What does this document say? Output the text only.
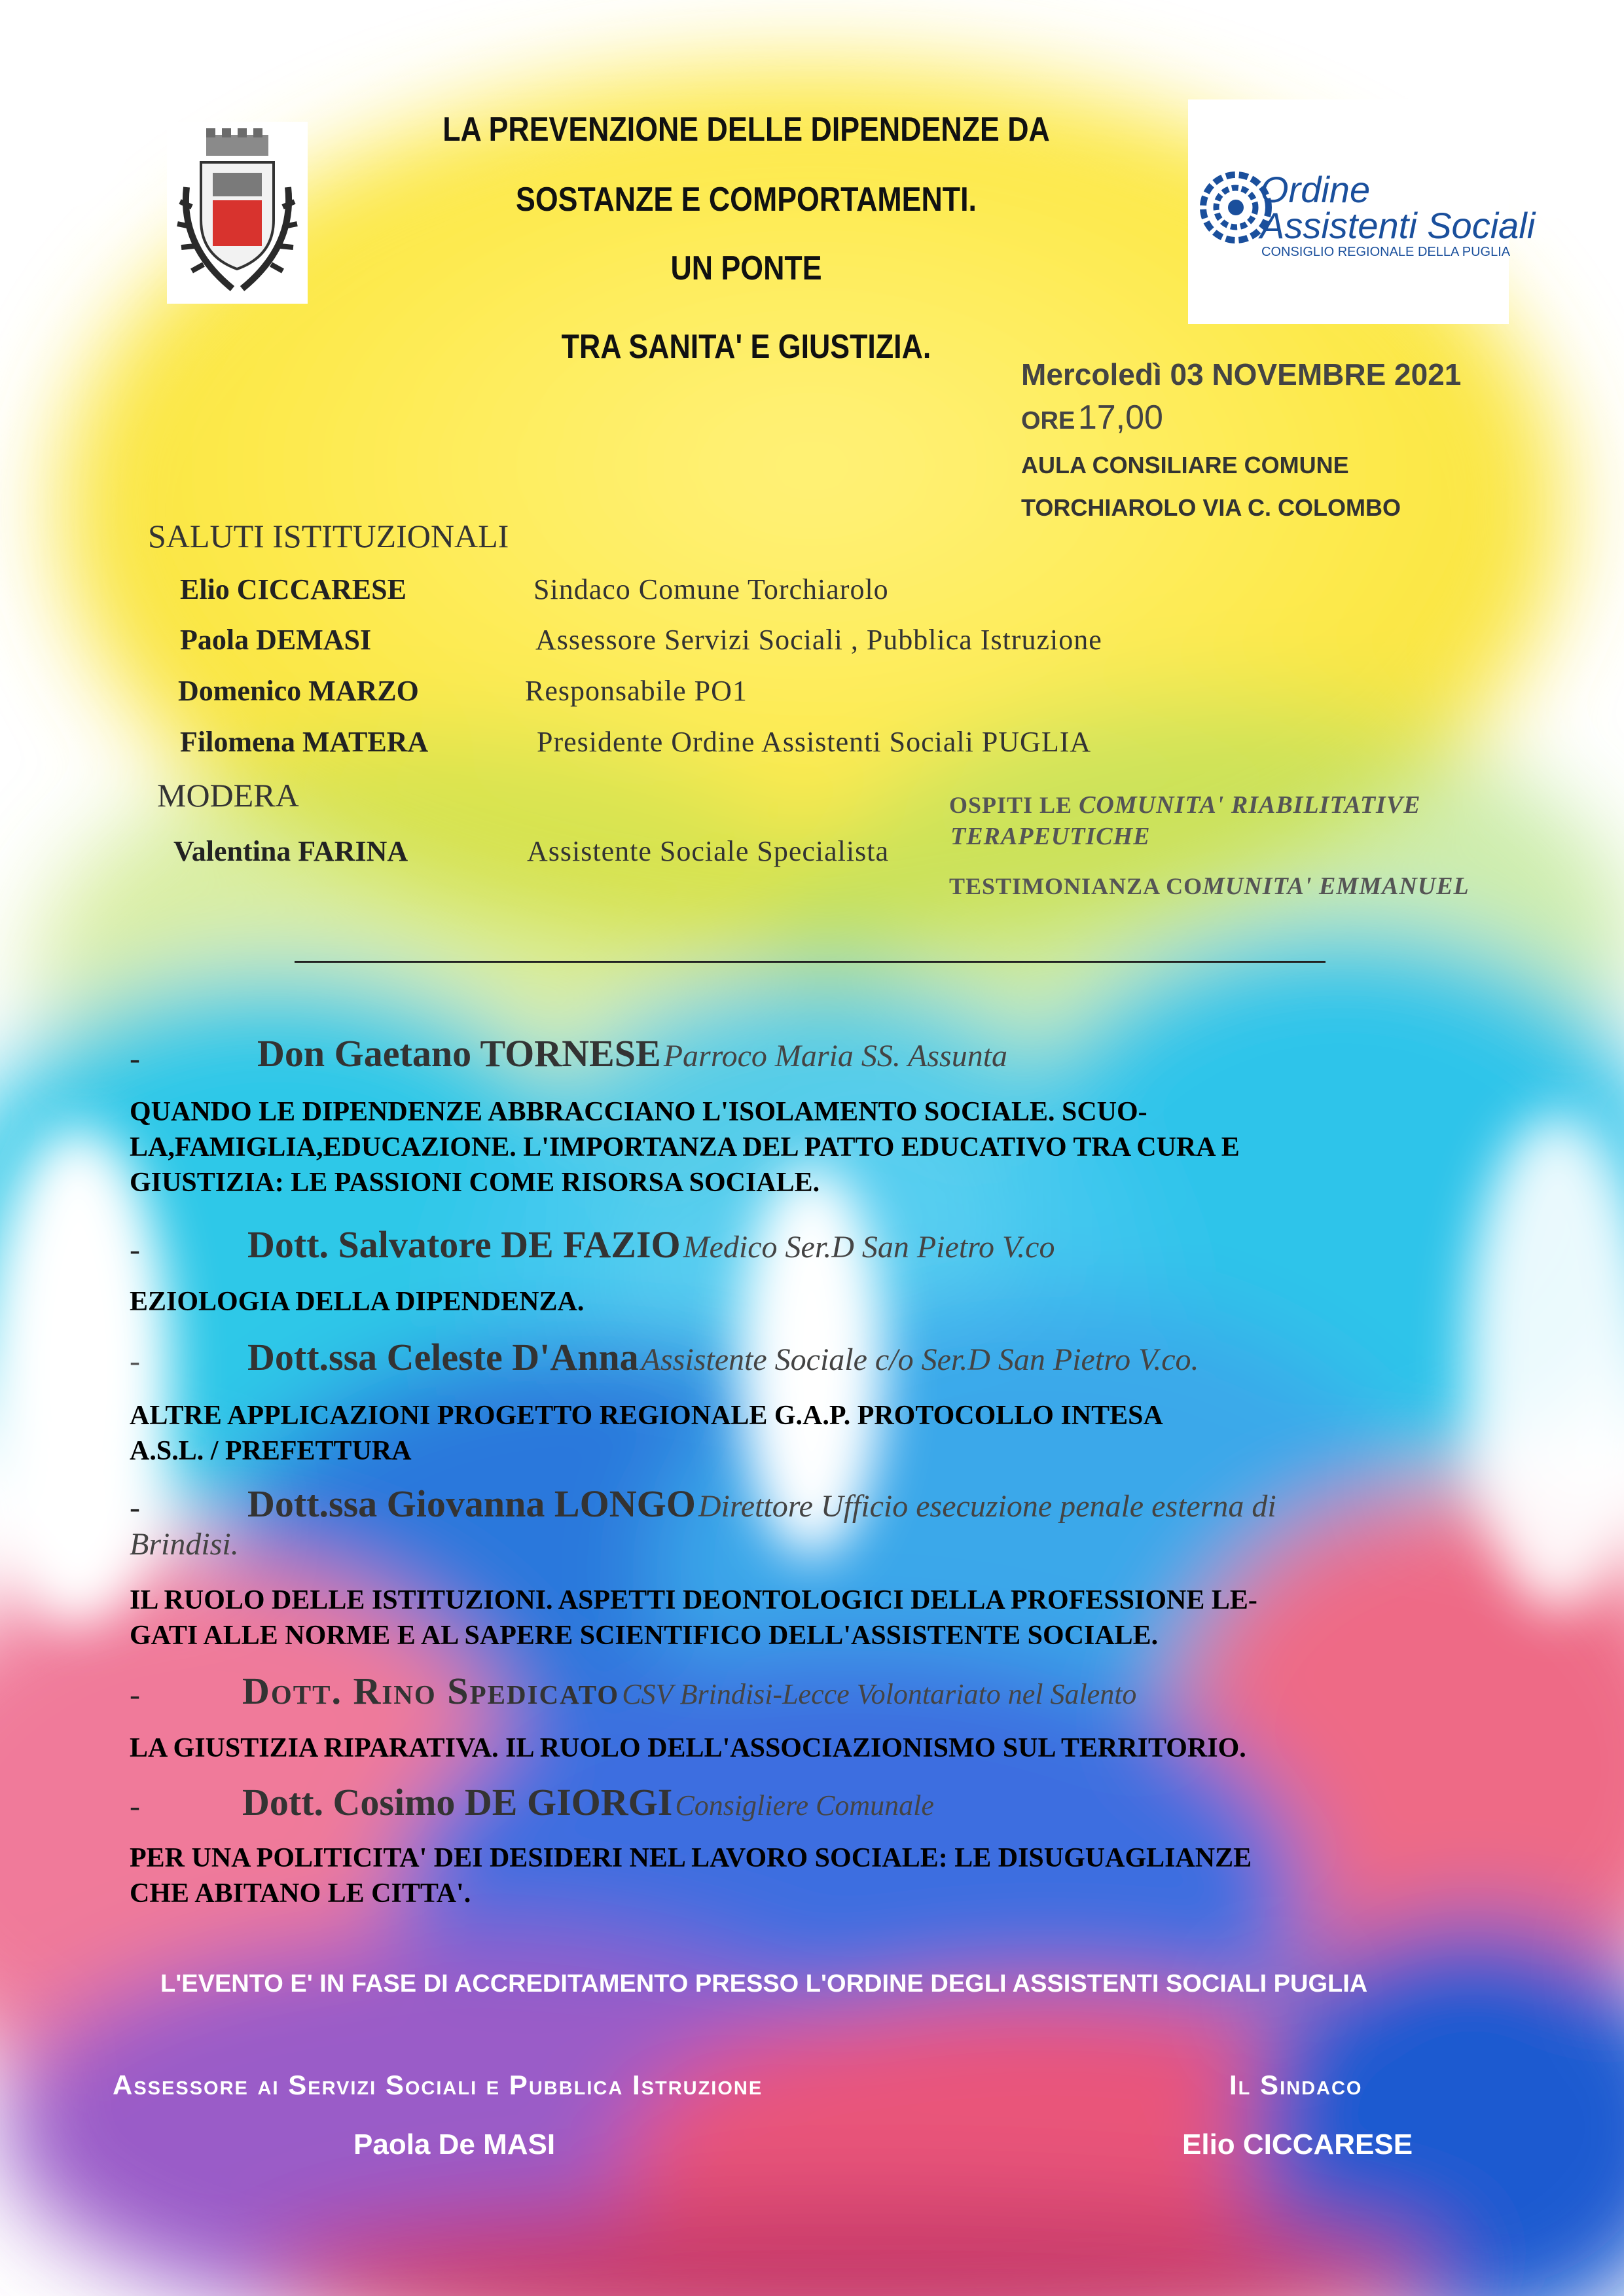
LA PREVENZIONE DELLE DIPENDENZE DA
SOSTANZE E COMPORTAMENTI.
UN PONTE
TRA SANITA' E GIUSTIZIA.
Ordine
Assistenti Sociali
CONSIGLIO REGIONALE DELLA PUGLIA
Mercoledì 03 NOVEMBRE 2021
ORE 17,00
AULA CONSILIARE COMUNE
TORCHIAROLO VIA C. COLOMBO
SALUTI ISTITUZIONALI
Elio CICCARESE	Sindaco Comune Torchiarolo
Paola DEMASI	Assessore Servizi Sociali , Pubblica Istruzione
Domenico MARZO	Responsabile PO1
Filomena MATERA	Presidente Ordine Assistenti Sociali PUGLIA
MODERA
Valentina FARINA	Assistente Sociale Specialista
OSPITI LE COMUNITA' RIABILITATIVE
TERAPEUTICHE
TESTIMONIANZA COMUNITA' EMMANUEL
-	Don Gaetano TORNESE Parroco Maria SS. Assunta
QUANDO LE DIPENDENZE ABBRACCIANO L'ISOLAMENTO SOCIALE. SCUO-
LA,FAMIGLIA,EDUCAZIONE. L'IMPORTANZA DEL PATTO EDUCATIVO TRA CURA E
GIUSTIZIA: LE PASSIONI COME RISORSA SOCIALE.
-	Dott. Salvatore DE FAZIO Medico Ser.D San Pietro V.co
EZIOLOGIA DELLA DIPENDENZA.
-	Dott.ssa Celeste D'Anna Assistente Sociale c/o Ser.D San Pietro V.co.
ALTRE APPLICAZIONI PROGETTO REGIONALE G.A.P. PROTOCOLLO INTESA
A.S.L. / PREFETTURA
-	Dott.ssa Giovanna LONGO Direttore Ufficio esecuzione penale esterna di
Brindisi.
IL RUOLO DELLE ISTITUZIONI. ASPETTI DEONTOLOGICI DELLA PROFESSIONE LE-
GATI ALLE NORME E AL SAPERE SCIENTIFICO DELL'ASSISTENTE SOCIALE.
-	Dott. Rino Spedicato CSV Brindisi-Lecce Volontariato nel Salento
LA GIUSTIZIA RIPARATIVA. IL RUOLO DELL'ASSOCIAZIONISMO SUL TERRITORIO.
-	Dott. Cosimo DE GIORGI Consigliere Comunale
PER UNA POLITICITA' DEI DESIDERI NEL LAVORO SOCIALE: LE DISUGUAGLIANZE
CHE ABITANO LE CITTA'.
L'EVENTO E' IN FASE DI ACCREDITAMENTO PRESSO L'ORDINE DEGLI ASSISTENTI SOCIALI PUGLIA
Assessore ai Servizi Sociali e Pubblica Istruzione
Paola De MASI
Il Sindaco
Elio CICCARESE
